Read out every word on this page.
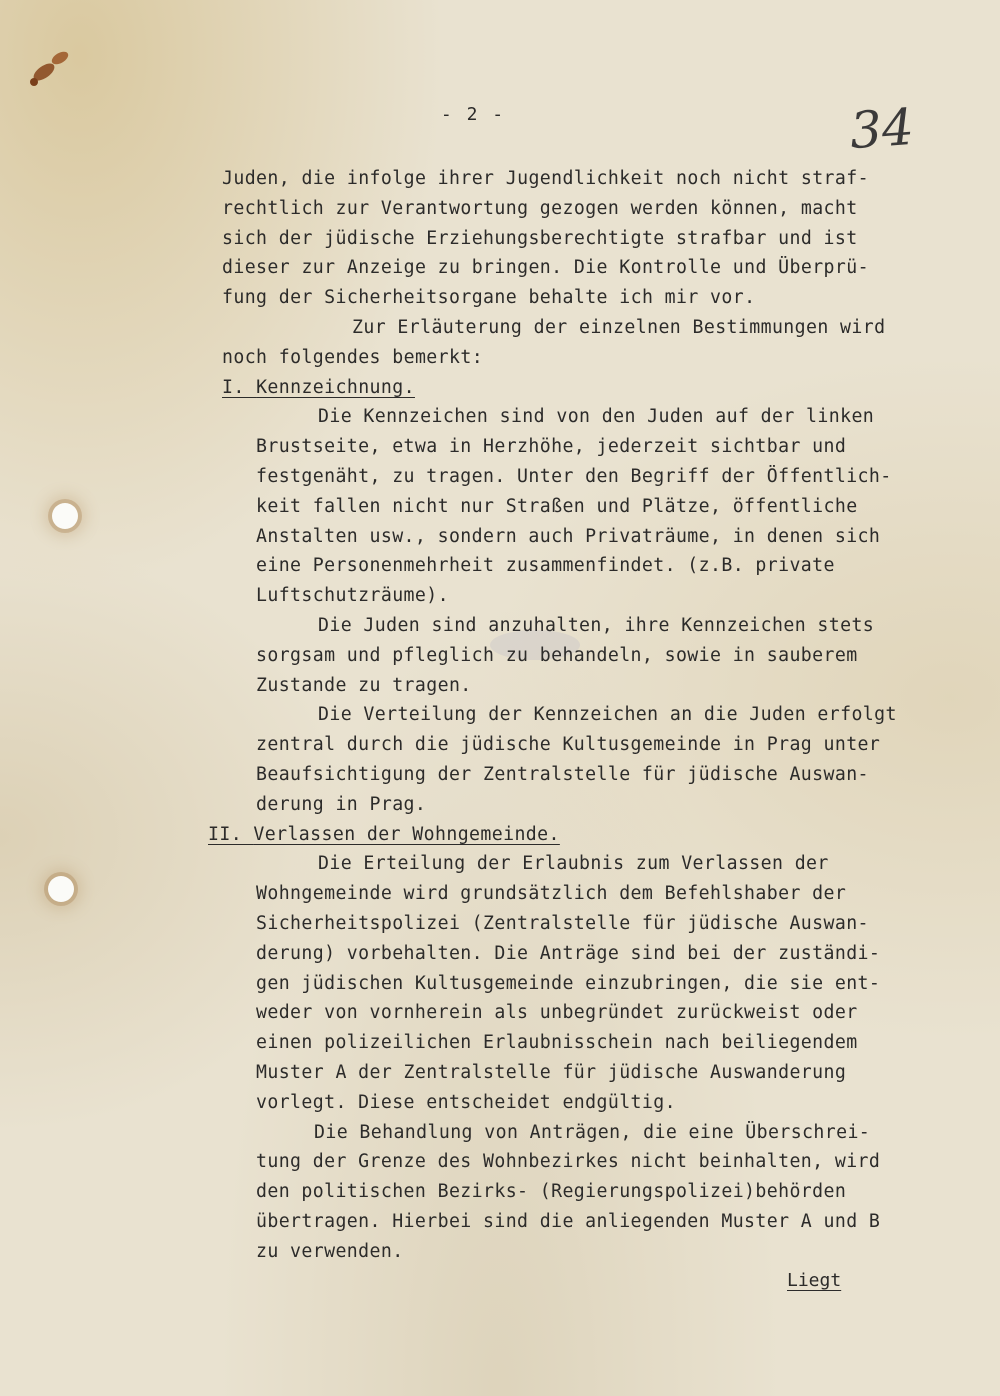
- 2 -	34
Juden, die infolge ihrer Jugendlichkeit noch nicht straf-
rechtlich zur Verantwortung gezogen werden können, macht
sich der jüdische Erziehungsberechtigte strafbar und ist
dieser zur Anzeige zu bringen. Die Kontrolle und Überprü-
fung der Sicherheitsorgane behalte ich mir vor.
Zur Erläuterung der einzelnen Bestimmungen wird
noch folgendes bemerkt:
I. Kennzeichnung.
Die Kennzeichen sind von den Juden auf der linken
Brustseite, etwa in Herzhöhe, jederzeit sichtbar und
festgenäht, zu tragen. Unter den Begriff der Öffentlich-
keit fallen nicht nur Straßen und Plätze, öffentliche
Anstalten usw., sondern auch Privaträume, in denen sich
eine Personenmehrheit zusammenfindet. (z.B. private
Luftschutzräume).
Die Juden sind anzuhalten, ihre Kennzeichen stets
sorgsam und pfleglich zu behandeln, sowie in sauberem
Zustande zu tragen.
Die Verteilung der Kennzeichen an die Juden erfolgt
zentral durch die jüdische Kultusgemeinde in Prag unter
Beaufsichtigung der Zentralstelle für jüdische Auswan-
derung in Prag.
II. Verlassen der Wohngemeinde.
Die Erteilung der Erlaubnis zum Verlassen der
Wohngemeinde wird grundsätzlich dem Befehlshaber der
Sicherheitspolizei (Zentralstelle für jüdische Auswan-
derung) vorbehalten. Die Anträge sind bei der zuständi-
gen jüdischen Kultusgemeinde einzubringen, die sie ent-
weder von vornherein als unbegründet zurückweist oder
einen polizeilichen Erlaubnisschein nach beiliegendem
Muster A der Zentralstelle für jüdische Auswanderung
vorlegt. Diese entscheidet endgültig.
Die Behandlung von Anträgen, die eine Überschrei-
tung der Grenze des Wohnbezirkes nicht beinhalten, wird
den politischen Bezirks- (Regierungspolizei)behörden
übertragen. Hierbei sind die anliegenden Muster A und B
zu verwenden.
Liegt
